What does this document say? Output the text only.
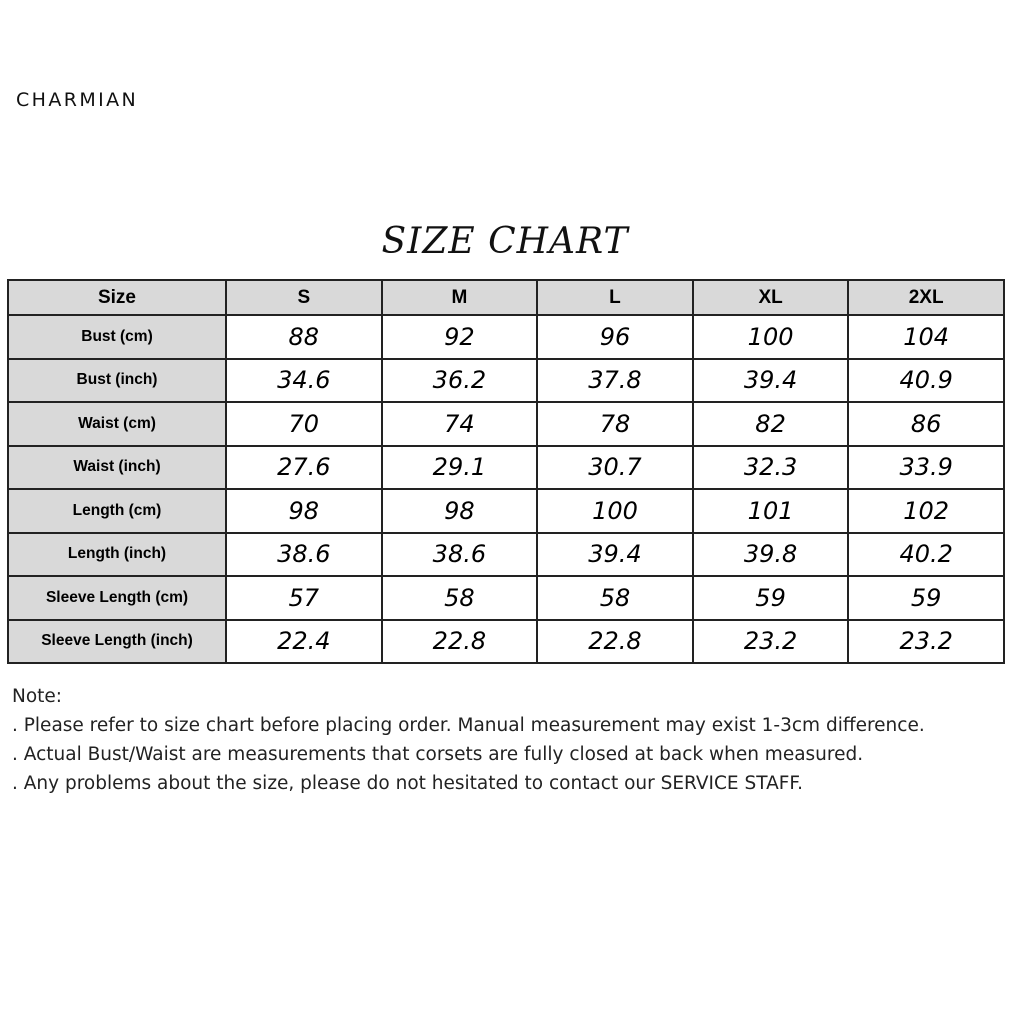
CHARMIAN
SIZE CHART
Size	S	M	L	XL	2XL
Bust (cm)	88	92	96	100	104
Bust (inch)	34.6	36.2	37.8	39.4	40.9
Waist (cm)	70	74	78	82	86
Waist (inch)	27.6	29.1	30.7	32.3	33.9
Length (cm)	98	98	100	101	102
Length (inch)	38.6	38.6	39.4	39.8	40.2
Sleeve Length (cm)	57	58	58	59	59
Sleeve Length (inch)	22.4	22.8	22.8	23.2	23.2
Note:
. Please refer to size chart before placing order. Manual measurement may exist 1-3cm difference.
. Actual Bust/Waist are measurements that corsets are fully closed at back when measured.
. Any problems about the size, please do not hesitated to contact our SERVICE STAFF.
